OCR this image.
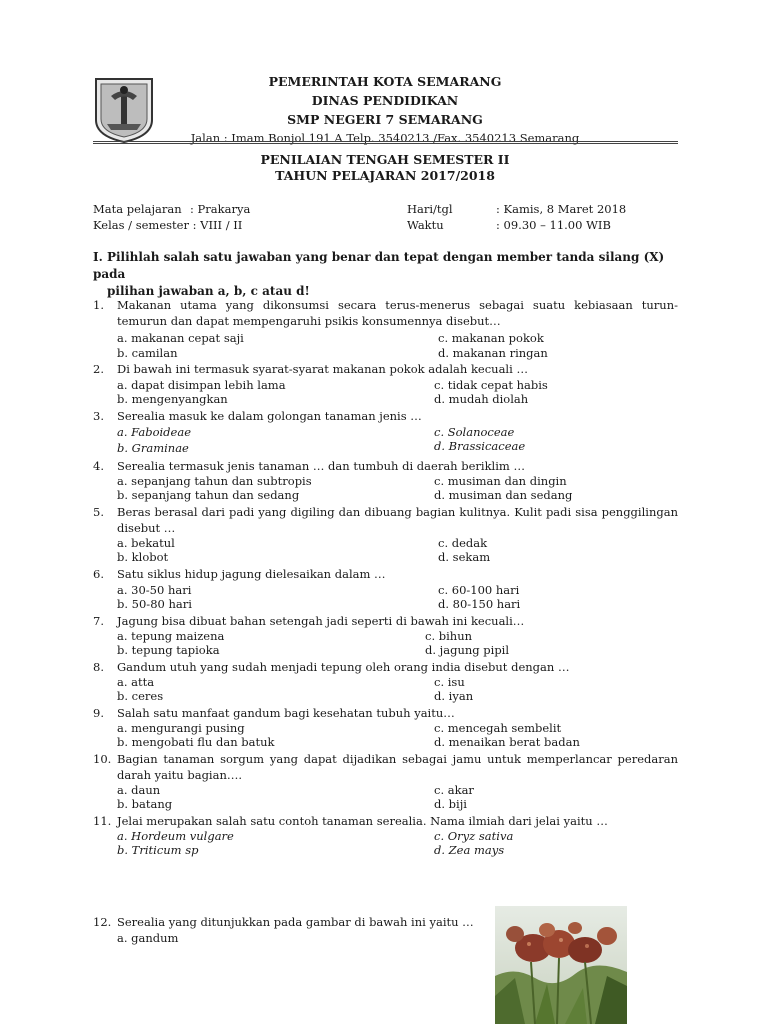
PEMERINTAH KOTA SEMARANG
DINAS PENDIDIKAN
SMP NEGERI 7 SEMARANG
Jalan : Imam Bonjol 191 A Telp. 3540213 /Fax. 3540213 Semarang
PENILAIAN TENGAH SEMESTER II
TAHUN PELAJARAN 2017/2018
Mata pelajaran : Prakarya
Kelas / semester : VIII / II
Hari/tgl	: Kamis, 8 Maret 2018
Waktu	: 09.30 – 11.00 WIB
I. Pilihlah salah satu jawaban yang benar dan tepat dengan member tanda silang (X) pada
pilihan jawaban a, b, c atau d!
1. Makanan utama yang dikonsumsi secara terus-menerus sebagai suatu kebiasaan turun-temurun dan dapat mempengaruhi psikis konsumennya disebut…
a. makanan cepat saji
b. camilan
c. makanan pokok
d. makanan ringan
2. Di bawah ini termasuk syarat-syarat makanan pokok adalah kecuali …
a. dapat disimpan lebih lama
b. mengenyangkan
c. tidak cepat habis
d. mudah diolah
3. Serealia masuk ke dalam golongan tanaman jenis …
a. Faboideae
b. Graminae
c. Solanoceae
d. Brassicaceae
4. Serealia termasuk jenis tanaman … dan tumbuh di daerah beriklim …
a. sepanjang tahun dan subtropis
b. sepanjang tahun dan sedang
c. musiman dan dingin
d. musiman dan sedang
5. Beras berasal dari padi yang digiling dan dibuang bagian kulitnya. Kulit padi sisa penggilingan disebut …
a. bekatul
b. klobot
c. dedak
d. sekam
6. Satu siklus hidup jagung dielesaikan dalam …
a. 30-50 hari
b. 50-80 hari
c. 60-100 hari
d. 80-150 hari
7. Jagung bisa dibuat bahan setengah jadi seperti di bawah ini kecuali…
a. tepung maizena
b. tepung tapioka
c. bihun
d. jagung pipil
8. Gandum utuh yang sudah menjadi tepung oleh orang india disebut dengan …
a. atta
b. ceres
c. isu
d. iyan
9. Salah satu manfaat gandum bagi kesehatan tubuh yaitu…
a. mengurangi pusing
b. mengobati flu dan batuk
c. mencegah sembelit
d. menaikan berat badan
10. Bagian tanaman sorgum yang dapat dijadikan sebagai jamu untuk memperlancar peredaran darah yaitu bagian….
a. daun
b. batang
c. akar
d. biji
11. Jelai merupakan salah satu contoh tanaman serealia. Nama ilmiah dari jelai yaitu …
a. Hordeum vulgare
b. Triticum sp
c. Oryz sativa
d. Zea mays
12. Serealia yang ditunjukkan pada gambar di bawah ini yaitu …
a. gandum
